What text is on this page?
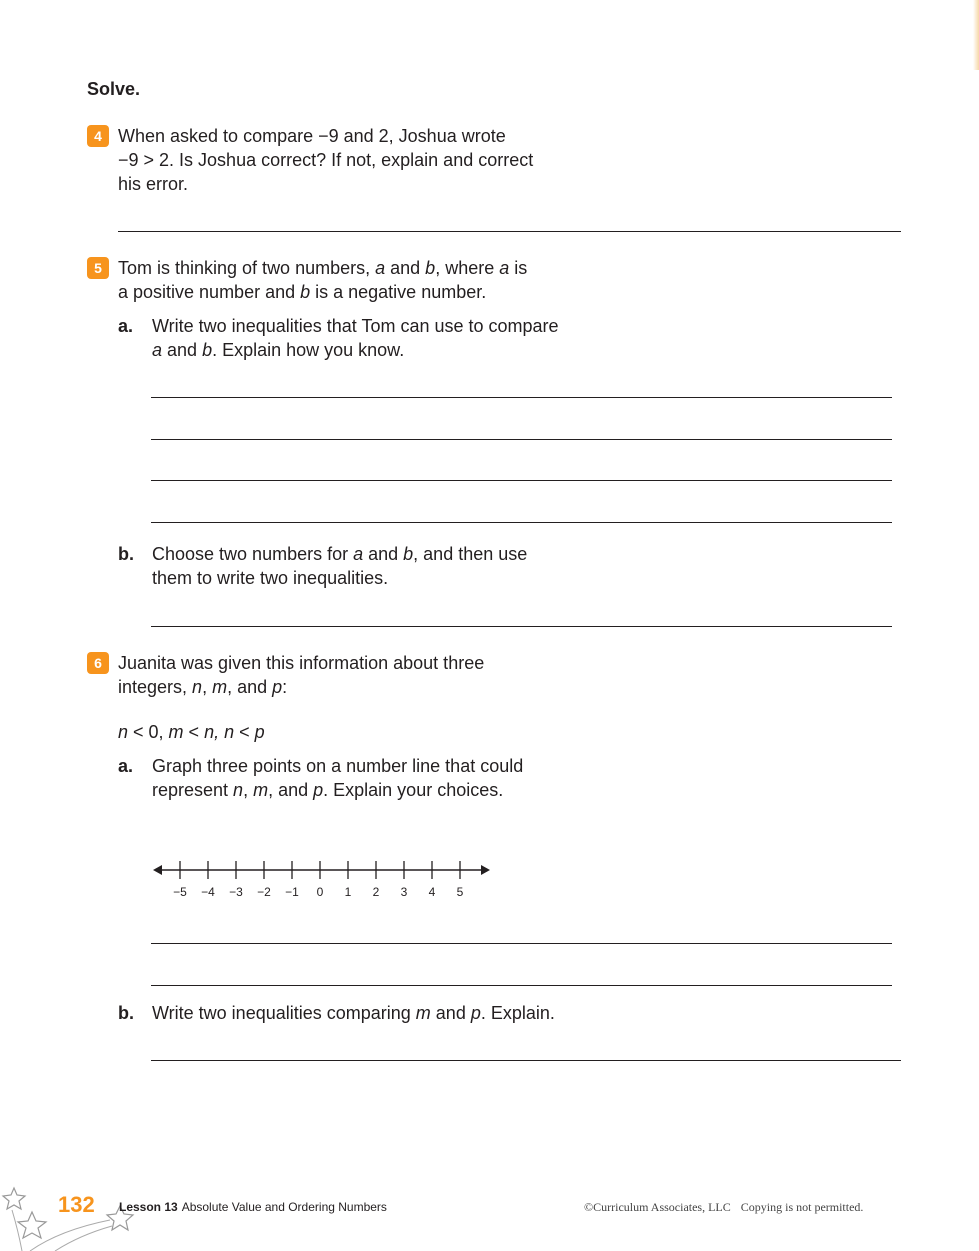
Solve.
4 When asked to compare −9 and 2, Joshua wrote
−9 > 2. Is Joshua correct? If not, explain and correct
his error.
5 Tom is thinking of two numbers, a and b, where a is
a positive number and b is a negative number.
a. Write two inequalities that Tom can use to compare
a and b. Explain how you know.
b. Choose two numbers for a and b, and then use
them to write two inequalities.
6 Juanita was given this information about three
integers, n, m, and p:
n < 0, m < n, n < p
a. Graph three points on a number line that could
represent n, m, and p. Explain your choices.
−5 −4 −3 −2 −1 0 1 2 3 4 5
b. Write two inequalities comparing m and p. Explain.
132 Lesson 13 Absolute Value and Ordering Numbers	©Curriculum Associates, LLC Copying is not permitted.
